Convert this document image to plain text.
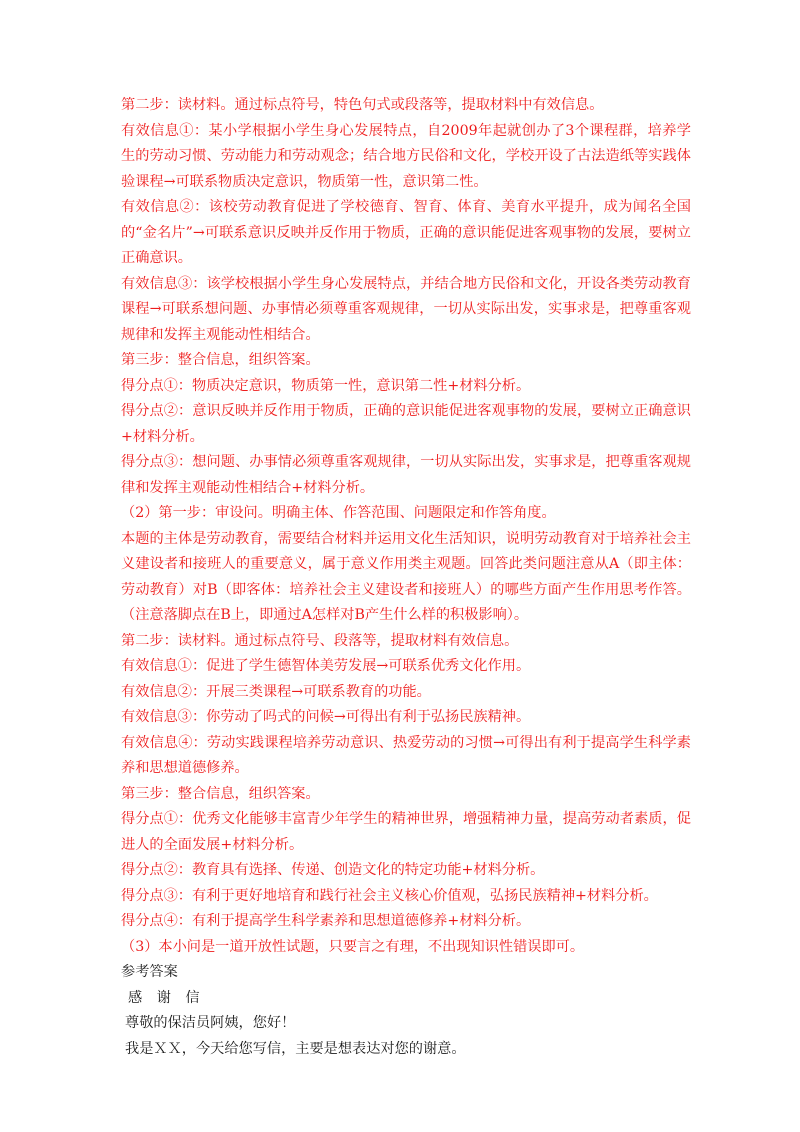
第二步：读材料。通过标点符号，特色句式或段落等，提取材料中有效信息。

有效信息①：某小学根据小学生身心发展特点，自2009年起就创办了3个课程群，培养学生的劳动习惯、劳动能力和劳动观念；结合地方民俗和文化，学校开设了古法造纸等实践体验课程→可联系物质决定意识，物质第一性，意识第二性。

有效信息②：该校劳动教育促进了学校德育、智育、体育、美育水平提升，成为闻名全国的“金名片”→可联系意识反映并反作用于物质，正确的意识能促进客观事物的发展，要树立正确意识。

有效信息③：该学校根据小学生身心发展特点，并结合地方民俗和文化，开设各类劳动教育课程→可联系想问题、办事情必须尊重客观规律，一切从实际出发，实事求是，把尊重客观规律和发挥主观能动性相结合。

第三步：整合信息，组织答案。

得分点①：物质决定意识，物质第一性，意识第二性+材料分析。

得分点②：意识反映并反作用于物质，正确的意识能促进客观事物的发展，要树立正确意识+材料分析。

得分点③：想问题、办事情必须尊重客观规律，一切从实际出发，实事求是，把尊重客观规律和发挥主观能动性相结合+材料分析。

（2）第一步：审设问。明确主体、作答范围、问题限定和作答角度。

本题的主体是劳动教育，需要结合材料并运用文化生活知识，说明劳动教育对于培养社会主义建设者和接班人的重要意义，属于意义作用类主观题。回答此类问题注意从A（即主体：劳动教育）对B（即客体：培养社会主义建设者和接班人）的哪些方面产生作用思考作答。（注意落脚点在B上，即通过A怎样对B产生什么样的积极影响）。

第二步：读材料。通过标点符号、段落等，提取材料有效信息。

有效信息①：促进了学生德智体美劳发展→可联系优秀文化作用。

有效信息②：开展三类课程→可联系教育的功能。

有效信息③：你劳动了吗式的问候→可得出有利于弘扬民族精神。

有效信息④：劳动实践课程培养劳动意识、热爱劳动的习惯→可得出有利于提高学生科学素养和思想道德修养。

第三步：整合信息，组织答案。

得分点①：优秀文化能够丰富青少年学生的精神世界，增强精神力量，提高劳动者素质，促进人的全面发展+材料分析。

得分点②：教育具有选择、传递、创造文化的特定功能+材料分析。

得分点③：有利于更好地培育和践行社会主义核心价值观，弘扬民族精神+材料分析。

得分点④：有利于提高学生科学素养和思想道德修养+材料分析。

（3）本小问是一道开放性试题，只要言之有理，不出现知识性错误即可。

参考答案

感 谢 信

尊敬的保洁员阿姨，您好！

我是ＸＸ，今天给您写信，主要是想表达对您的谢意。
